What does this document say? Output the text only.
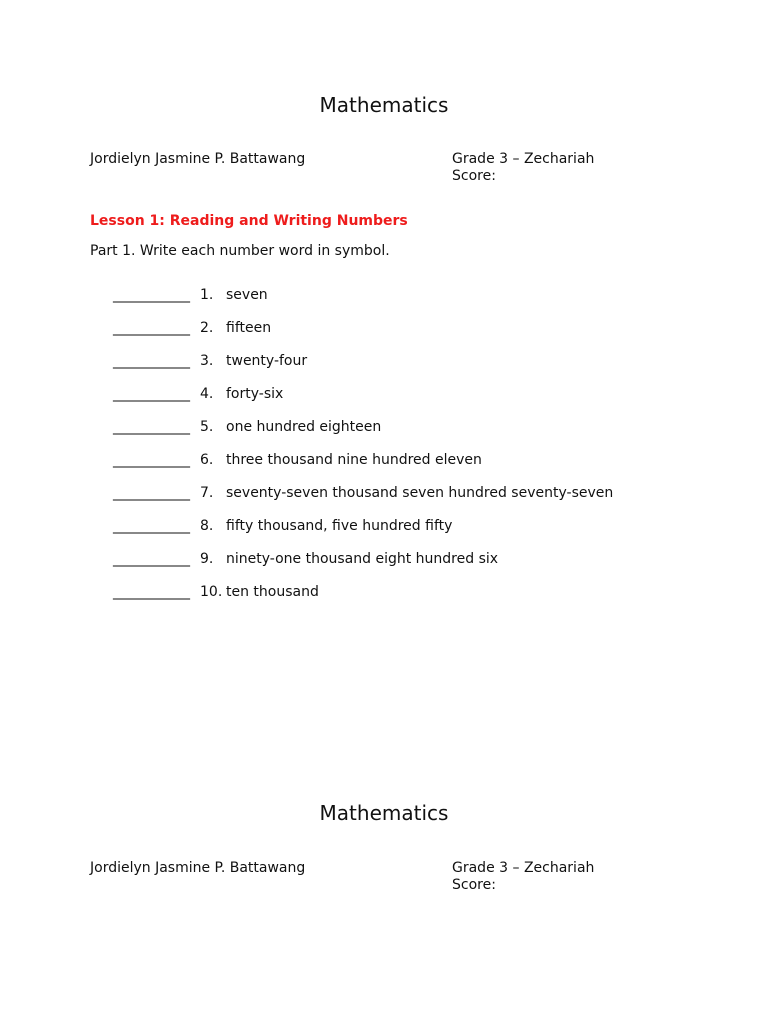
Mathematics
Jordielyn Jasmine P. Battawang	Grade 3 – Zechariah
Score:
Lesson 1: Reading and Writing Numbers
Part 1. Write each number word in symbol.
___________ 1. seven
___________ 2. fifteen
___________ 3. twenty-four
___________ 4. forty-six
___________ 5. one hundred eighteen
___________ 6. three thousand nine hundred eleven
___________ 7. seventy-seven thousand seven hundred seventy-seven
___________ 8. fifty thousand, five hundred fifty
___________ 9. ninety-one thousand eight hundred six
___________ 10. ten thousand
Mathematics
Jordielyn Jasmine P. Battawang	Grade 3 – Zechariah
Score:
